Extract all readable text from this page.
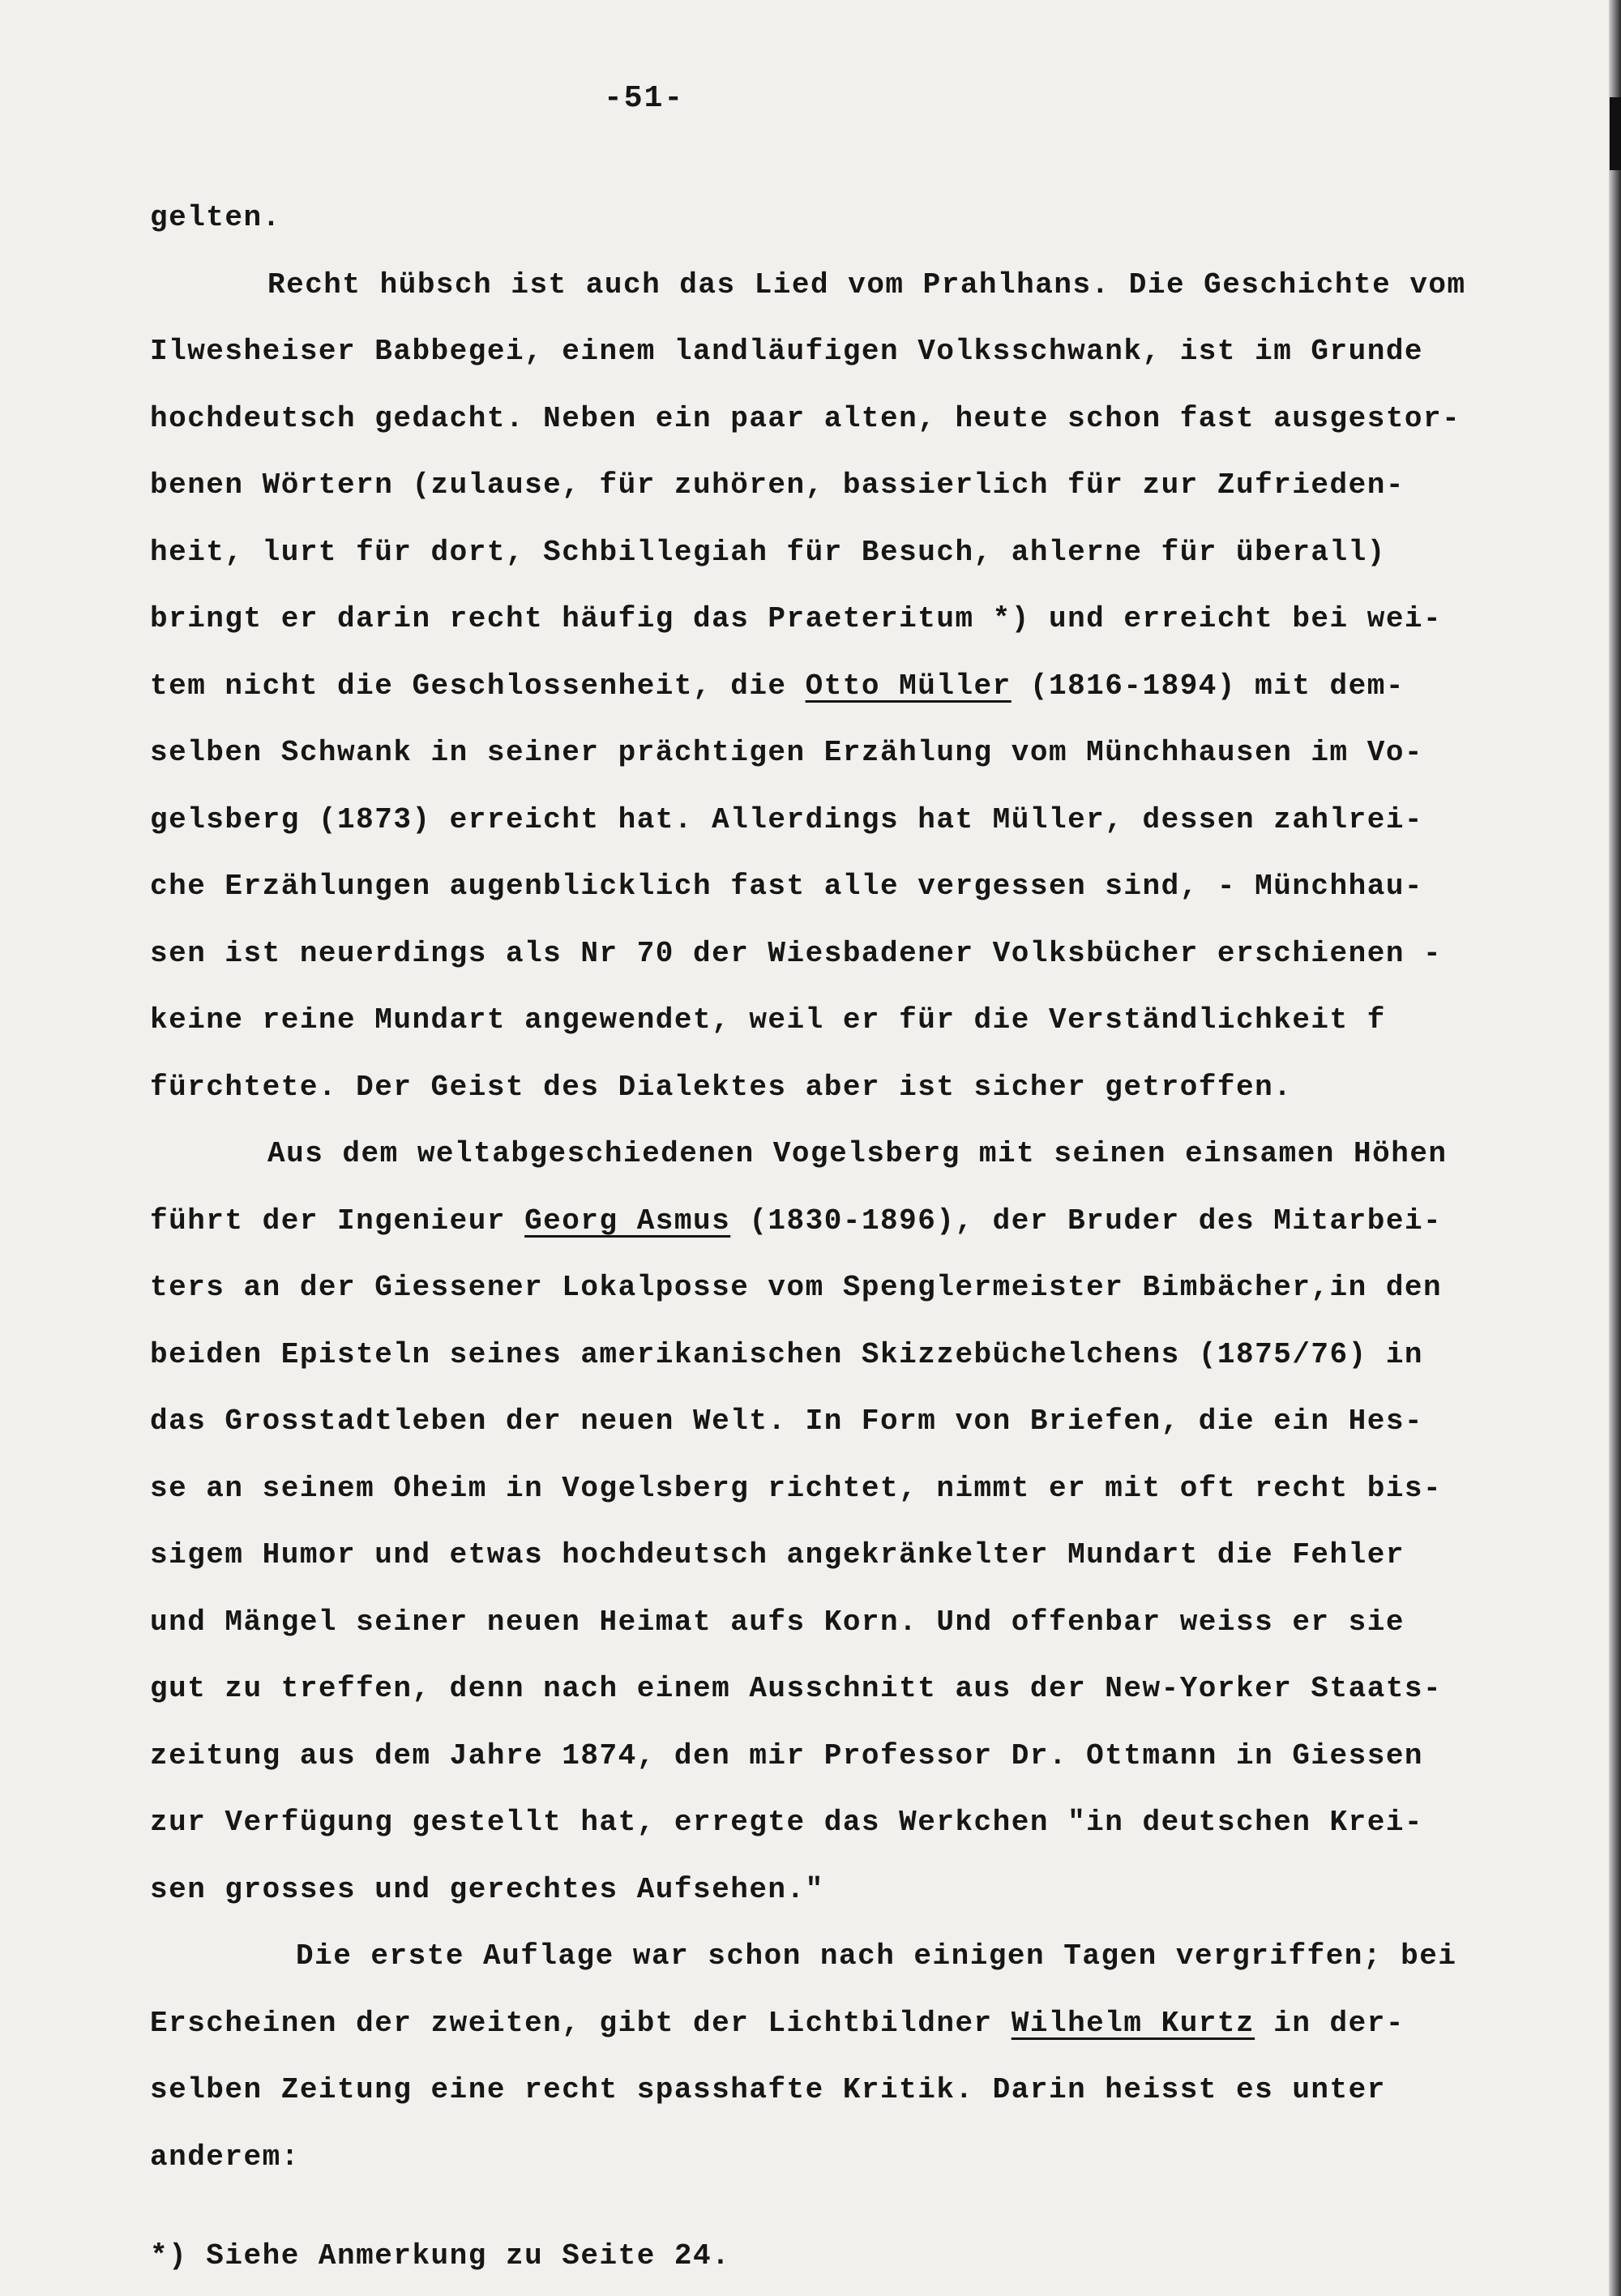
-51-
gelten.
Recht hübsch ist auch das Lied vom Prahlhans. Die Geschichte vom
Ilwesheiser Babbegei, einem landläufigen Volksschwank, ist im Grunde
hochdeutsch gedacht. Neben ein paar alten, heute schon fast ausgestor-
benen Wörtern (zulause, für zuhören, bassierlich für zur Zufrieden-
heit, lurt für dort, Schbillegiah für Besuch, ahlerne für überall)
bringt er darin recht häufig das Praeteritum *) und erreicht bei wei-
tem nicht die Geschlossenheit, die Otto Müller (1816-1894) mit dem-
selben Schwank in seiner prächtigen Erzählung vom Münchhausen im Vo-
gelsberg (1873) erreicht hat. Allerdings hat Müller, dessen zahlrei-
che Erzählungen augenblicklich fast alle vergessen sind, - Münchhau-
sen ist neuerdings als Nr 70 der Wiesbadener Volksbücher erschienen -
keine reine Mundart angewendet, weil er für die Verständlichkeit f
fürchtete. Der Geist des Dialektes aber ist sicher getroffen.
Aus dem weltabgeschiedenen Vogelsberg mit seinen einsamen Höhen
führt der Ingenieur Georg Asmus (1830-1896), der Bruder des Mitarbei-
ters an der Giessener Lokalposse vom Spenglermeister Bimbächer,in den
beiden Episteln seines amerikanischen Skizzebüchelchens (1875/76) in
das Grosstadtleben der neuen Welt. In Form von Briefen, die ein Hes-
se an seinem Oheim in Vogelsberg richtet, nimmt er mit oft recht bis-
sigem Humor und etwas hochdeutsch angekränkelter Mundart die Fehler
und Mängel seiner neuen Heimat aufs Korn. Und offenbar weiss er sie
gut zu treffen, denn nach einem Ausschnitt aus der New-Yorker Staats-
zeitung aus dem Jahre 1874, den mir Professor Dr. Ottmann in Giessen
zur Verfügung gestellt hat, erregte das Werkchen "in deutschen Krei-
sen grosses und gerechtes Aufsehen."
Die erste Auflage war schon nach einigen Tagen vergriffen; bei
Erscheinen der zweiten, gibt der Lichtbildner Wilhelm Kurtz in der-
selben Zeitung eine recht spasshafte Kritik. Darin heisst es unter
anderem:
*) Siehe Anmerkung zu Seite 24.
